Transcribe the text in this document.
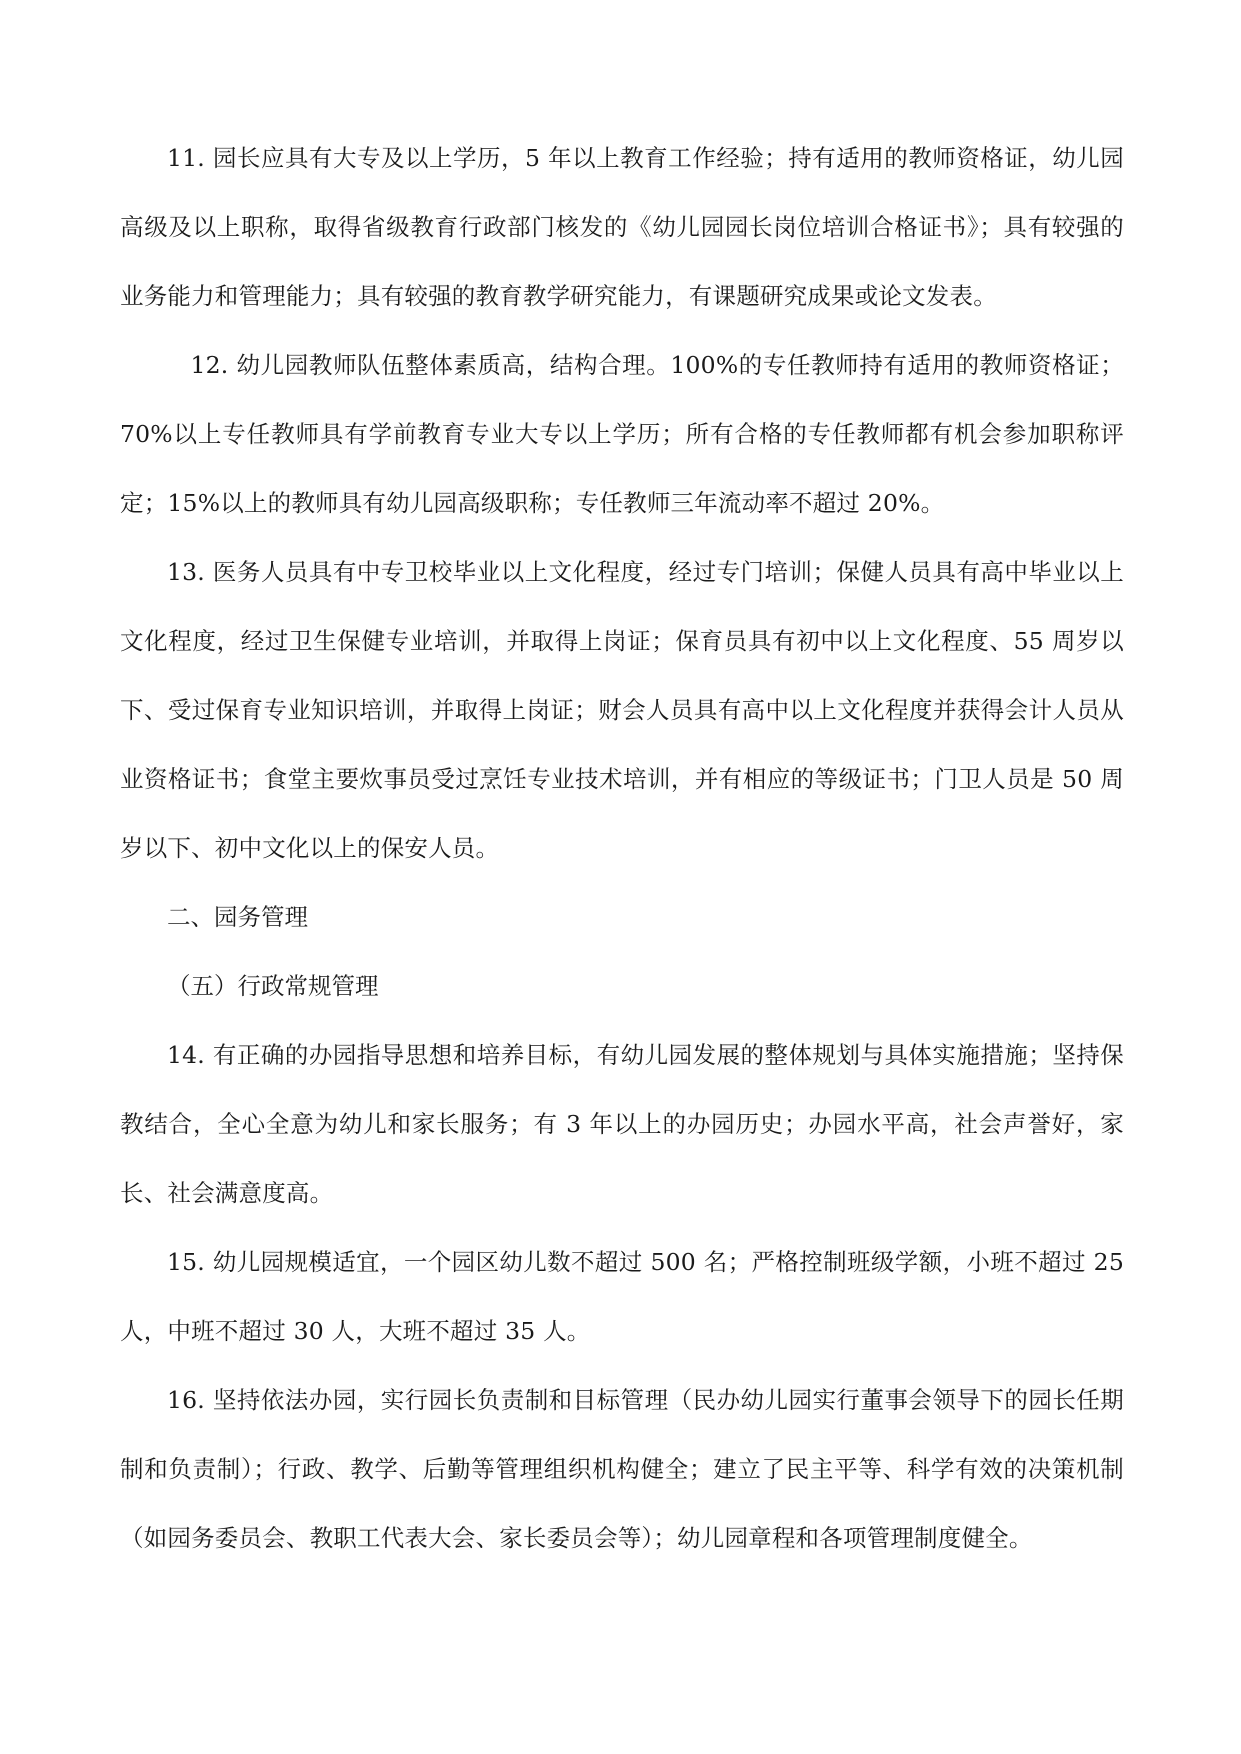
11. 园长应具有大专及以上学历，5 年以上教育工作经验；持有适用的教师资格证，幼儿园高级及以上职称，取得省级教育行政部门核发的《幼儿园园长岗位培训合格证书》；具有较强的业务能力和管理能力；具有较强的教育教学研究能力，有课题研究成果或论文发表。

12. 幼儿园教师队伍整体素质高，结构合理。100%的专任教师持有适用的教师资格证；70%以上专任教师具有学前教育专业大专以上学历；所有合格的专任教师都有机会参加职称评定；15%以上的教师具有幼儿园高级职称；专任教师三年流动率不超过 20%。

13. 医务人员具有中专卫校毕业以上文化程度，经过专门培训；保健人员具有高中毕业以上文化程度，经过卫生保健专业培训，并取得上岗证；保育员具有初中以上文化程度、55 周岁以下、受过保育专业知识培训，并取得上岗证；财会人员具有高中以上文化程度并获得会计人员从业资格证书；食堂主要炊事员受过烹饪专业技术培训，并有相应的等级证书；门卫人员是 50 周岁以下、初中文化以上的保安人员。

二、园务管理

（五）行政常规管理

14. 有正确的办园指导思想和培养目标，有幼儿园发展的整体规划与具体实施措施；坚持保教结合，全心全意为幼儿和家长服务；有 3 年以上的办园历史；办园水平高，社会声誉好，家长、社会满意度高。

15. 幼儿园规模适宜，一个园区幼儿数不超过 500 名；严格控制班级学额，小班不超过 25 人，中班不超过 30 人，大班不超过 35 人。

16. 坚持依法办园，实行园长负责制和目标管理（民办幼儿园实行董事会领导下的园长任期制和负责制）；行政、教学、后勤等管理组织机构健全；建立了民主平等、科学有效的决策机制（如园务委员会、教职工代表大会、家长委员会等）；幼儿园章程和各项管理制度健全。
